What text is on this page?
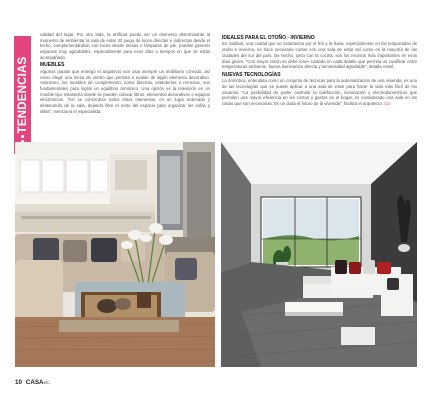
TENDENCIAS

calidad del lugar. Por otro lado, la artificial puede ser un elemento determinante al momento de ambientar la sala de estar. El juego de luces directas e indirectas desde el techo, complementándolo con luces desde mesas o lámparas de pie, pueden generar espacios muy agradables, especialmente para esos días o tiempos en que se estás acompañado.

MUEBLES

Algunos pautas que entregó el arquitecto son usar siempre un mobiliario cómodo, así como elegir una mesa de centro que permita e evalúe de algún elemento decorativo. Asimismo, los muebles de complemento, como librerías, estanterías o remesas, son fundamentales para lograr un equilibrio armónico. Una opción es la televisión en un mueble tipo estantería donde se pueden colocar libros, elementos decorativos o equipos electrónicos. "Así se concentran todos estos elementos, en un lugar ordenado y destacando de la sala, dejando libre el resto del espacio para organizar los sofás y sillas", menciona el especialista.

IDEALES PARA EL OTOÑO - INVIERNO

En Valdivia, una ciudad que se caracteriza por el frío y la lluvia, especialmente en las temporadas de otoño e invierno, se hace necesario contar con una sala de estar así como en la mayoría de las ciudades del sur del país. De hecho, junto con la cocina, son los recintos más importantes en esos días grises. "Con mayor razón se debe tener cuidado en cada detalle que permita un cualificar entre temperaturas ambiente, buena iluminación directa y luminosidad agradable", detalla Assef.

NUEVAS TECNOLOGÍAS

La domótica, entendida como un conjunto de técnicas para la automatización de una vivienda, es uno de las tecnologías que se puede aplicar a una sala de estar para hacer la vida más fácil de los usuarios. "La posibilidad de poder controlar la calefacción, iluminación y electrodomésticos que permiten una mayor eficiencia en los costos y gastos en el hogar, es considerado una sala en las casas que son necesarias. Es un duda el futuro de la vivienda", finaliza el arquitecto. Ca

10 CASAetc.
